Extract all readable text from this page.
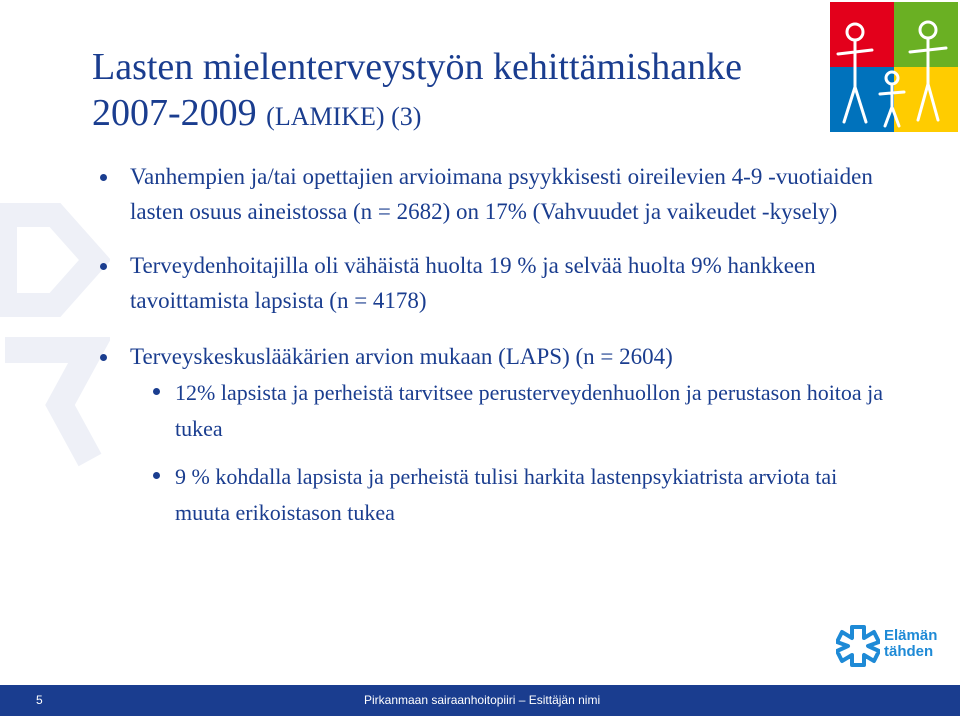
Lasten mielenterveystyön kehittämishanke
2007-2009 (LAMIKE) (3)
Vanhempien ja/tai opettajien arvioimana psyykkisesti oireilevien 4-9 -vuotiaiden lasten osuus aineistossa (n = 2682) on 17% (Vahvuudet ja vaikeudet -kysely)
Terveydenhoitajilla oli vähäistä huolta 19 % ja selvää huolta 9% hankkeen tavoittamista lapsista (n = 4178)
Terveyskeskuslääkärien arvion mukaan (LAPS) (n = 2604)
12% lapsista ja perheistä tarvitsee perusterveydenhuollon ja perustason hoitoa ja tukea
9 % kohdalla lapsista ja perheistä tulisi harkita lastenpsykiatrista arviota tai muuta erikoistason tukea
Elämän
tähden
5	Pirkanmaan sairaanhoitopiiri – Esittäjän nimi
